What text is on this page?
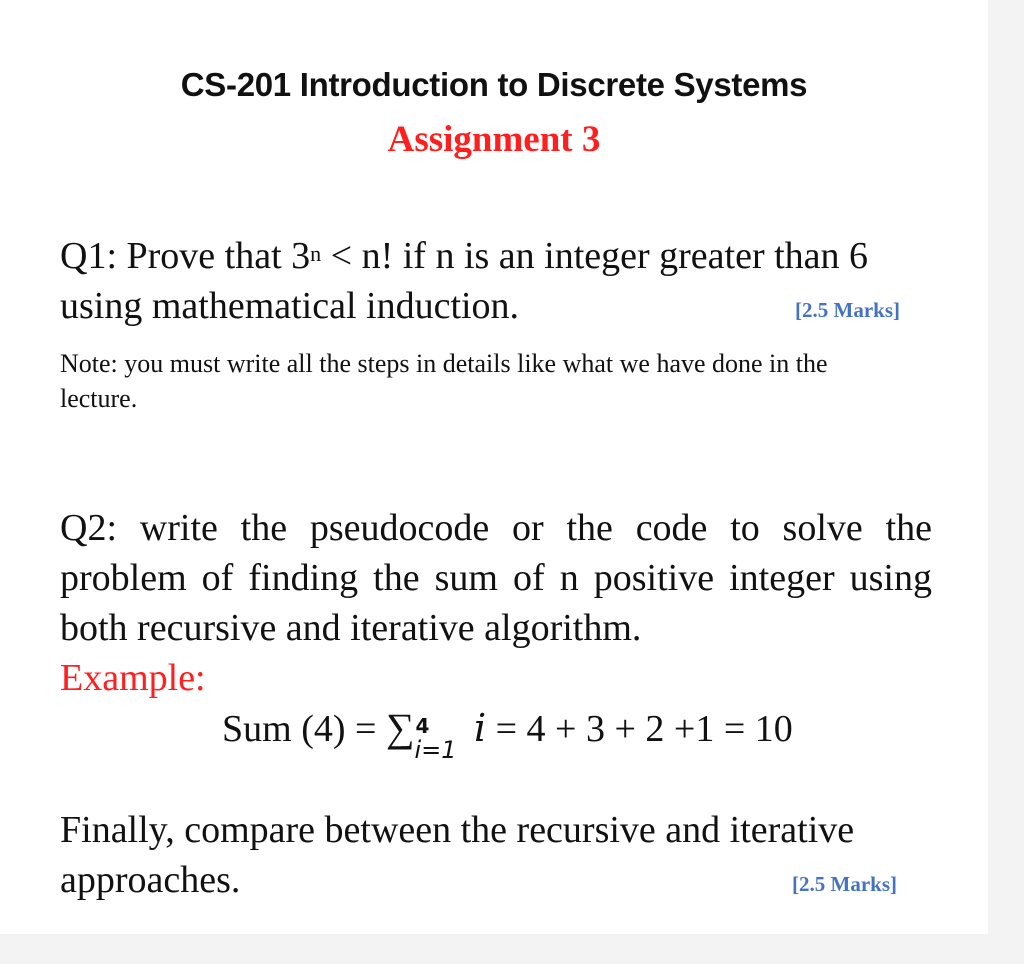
CS-201 Introduction to Discrete Systems
Assignment 3
Q1: Prove that $3^n < n$! if n is an integer greater than 6
using mathematical induction.	[2.5 Marks]
Note: you must write all the steps in details like what we have done in the lecture.
Q2: write the pseudocode or the code to solve the
problem of finding the sum of n positive integer using
both recursive and iterative algorithm.
Example:
Sum (4) = ∑ 4
i=1 i = 4 + 3 + 2 +1 = 10
Finally, compare between the recursive and iterative
approaches.	[2.5 Marks]
